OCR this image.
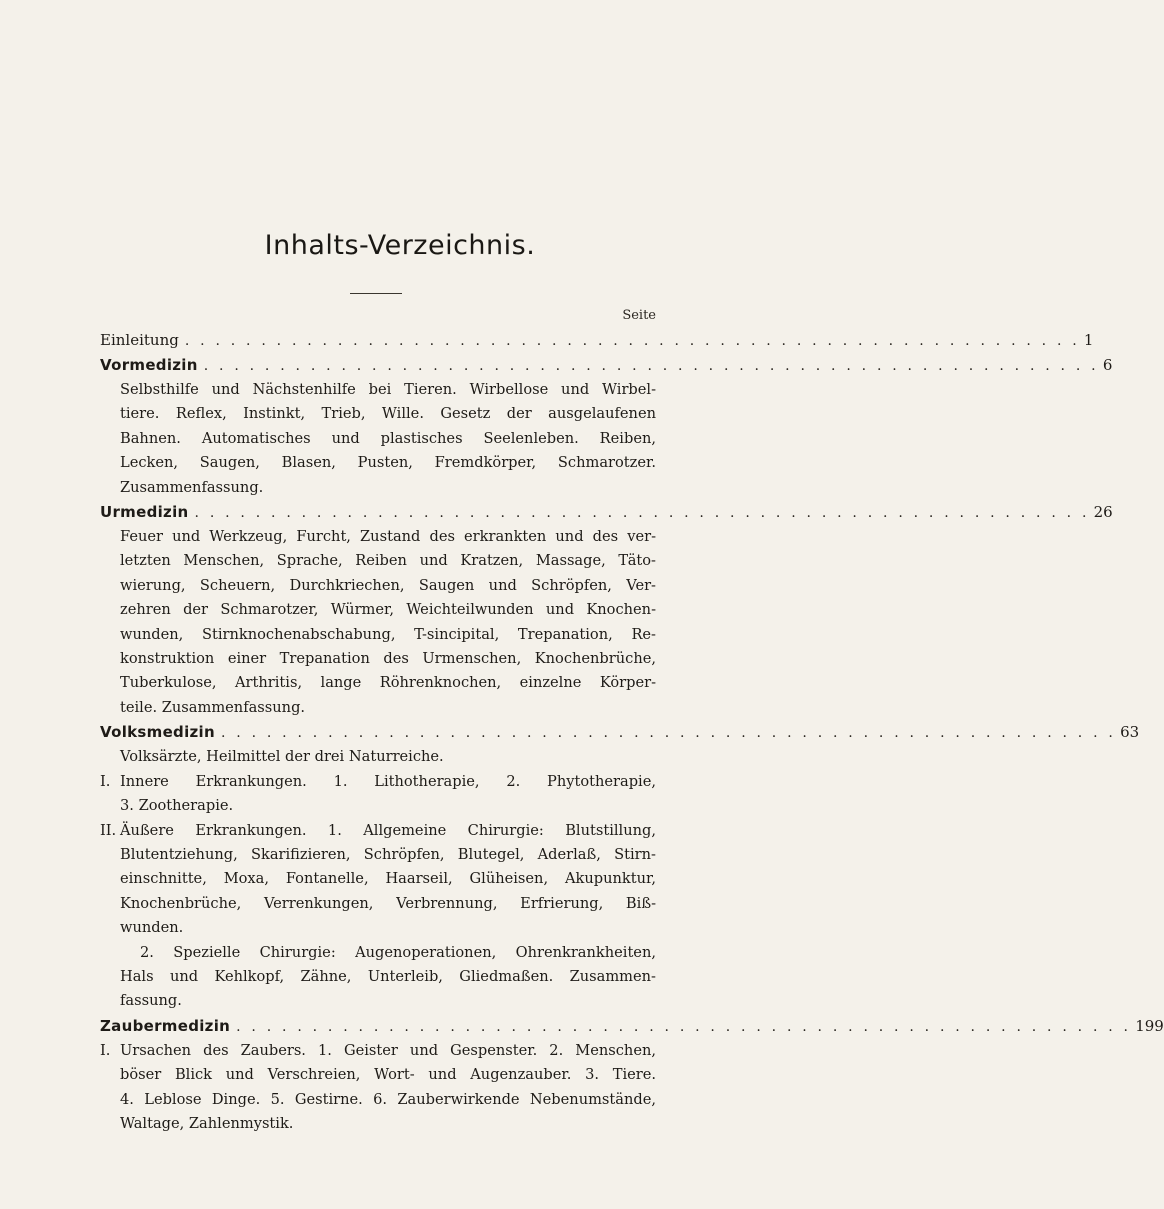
Inhalts-Verzeichnis.
Seite
Einleitung . . . . . . . . . . . . . . . . . . . . . . . . . . . . . . . . . . . . . . . . . . . . . . . . . . . . . . . . . . . 1
Vormedizin . . . . . . . . . . . . . . . . . . . . . . . . . . . . . . . . . . . . . . . . . . . . . . . . . . . . . . . . . . . 6
Selbsthilfe und Nächstenhilfe bei Tieren. Wirbellose und Wirbel-
tiere. Reflex, Instinkt, Trieb, Wille. Gesetz der ausgelaufenen
Bahnen. Automatisches und plastisches Seelenleben. Reiben,
Lecken, Saugen, Blasen, Pusten, Fremdkörper, Schmarotzer.
Zusammenfassung.
Urmedizin . . . . . . . . . . . . . . . . . . . . . . . . . . . . . . . . . . . . . . . . . . . . . . . . . . . . . . . . . . . 26
Feuer und Werkzeug, Furcht, Zustand des erkrankten und des ver-
letzten Menschen, Sprache, Reiben und Kratzen, Massage, Täto-
wierung, Scheuern, Durchkriechen, Saugen und Schröpfen, Ver-
zehren der Schmarotzer, Würmer, Weichteilwunden und Knochen-
wunden, Stirnknochenabschabung, T-sincipital, Trepanation, Re-
konstruktion einer Trepanation des Urmenschen, Knochenbrüche,
Tuberkulose, Arthritis, lange Röhrenknochen, einzelne Körper-
teile. Zusammenfassung.
Volksmedizin . . . . . . . . . . . . . . . . . . . . . . . . . . . . . . . . . . . . . . . . . . . . . . . . . . . . . . . . . . . 63
Volksärzte, Heilmittel der drei Naturreiche.
I. Innere Erkrankungen. 1. Lithotherapie, 2. Phytotherapie,
3. Zootherapie.
II. Äußere Erkrankungen. 1. Allgemeine Chirurgie: Blutstillung,
Blutentziehung, Skarifizieren, Schröpfen, Blutegel, Aderlaß, Stirn-
einschnitte, Moxa, Fontanelle, Haarseil, Glüheisen, Akupunktur,
Knochenbrüche, Verrenkungen, Verbrennung, Erfrierung, Biß-
wunden.
2. Spezielle Chirurgie: Augenoperationen, Ohrenkrankheiten,
Hals und Kehlkopf, Zähne, Unterleib, Gliedmaßen. Zusammen-
fassung.
Zaubermedizin . . . . . . . . . . . . . . . . . . . . . . . . . . . . . . . . . . . . . . . . . . . . . . . . . . . . . . . . . . . 199
I. Ursachen des Zaubers. 1. Geister und Gespenster. 2. Menschen,
böser Blick und Verschreien, Wort- und Augenzauber. 3. Tiere.
4. Leblose Dinge. 5. Gestirne. 6. Zauberwirkende Nebenumstände,
Waltage, Zahlenmystik.
